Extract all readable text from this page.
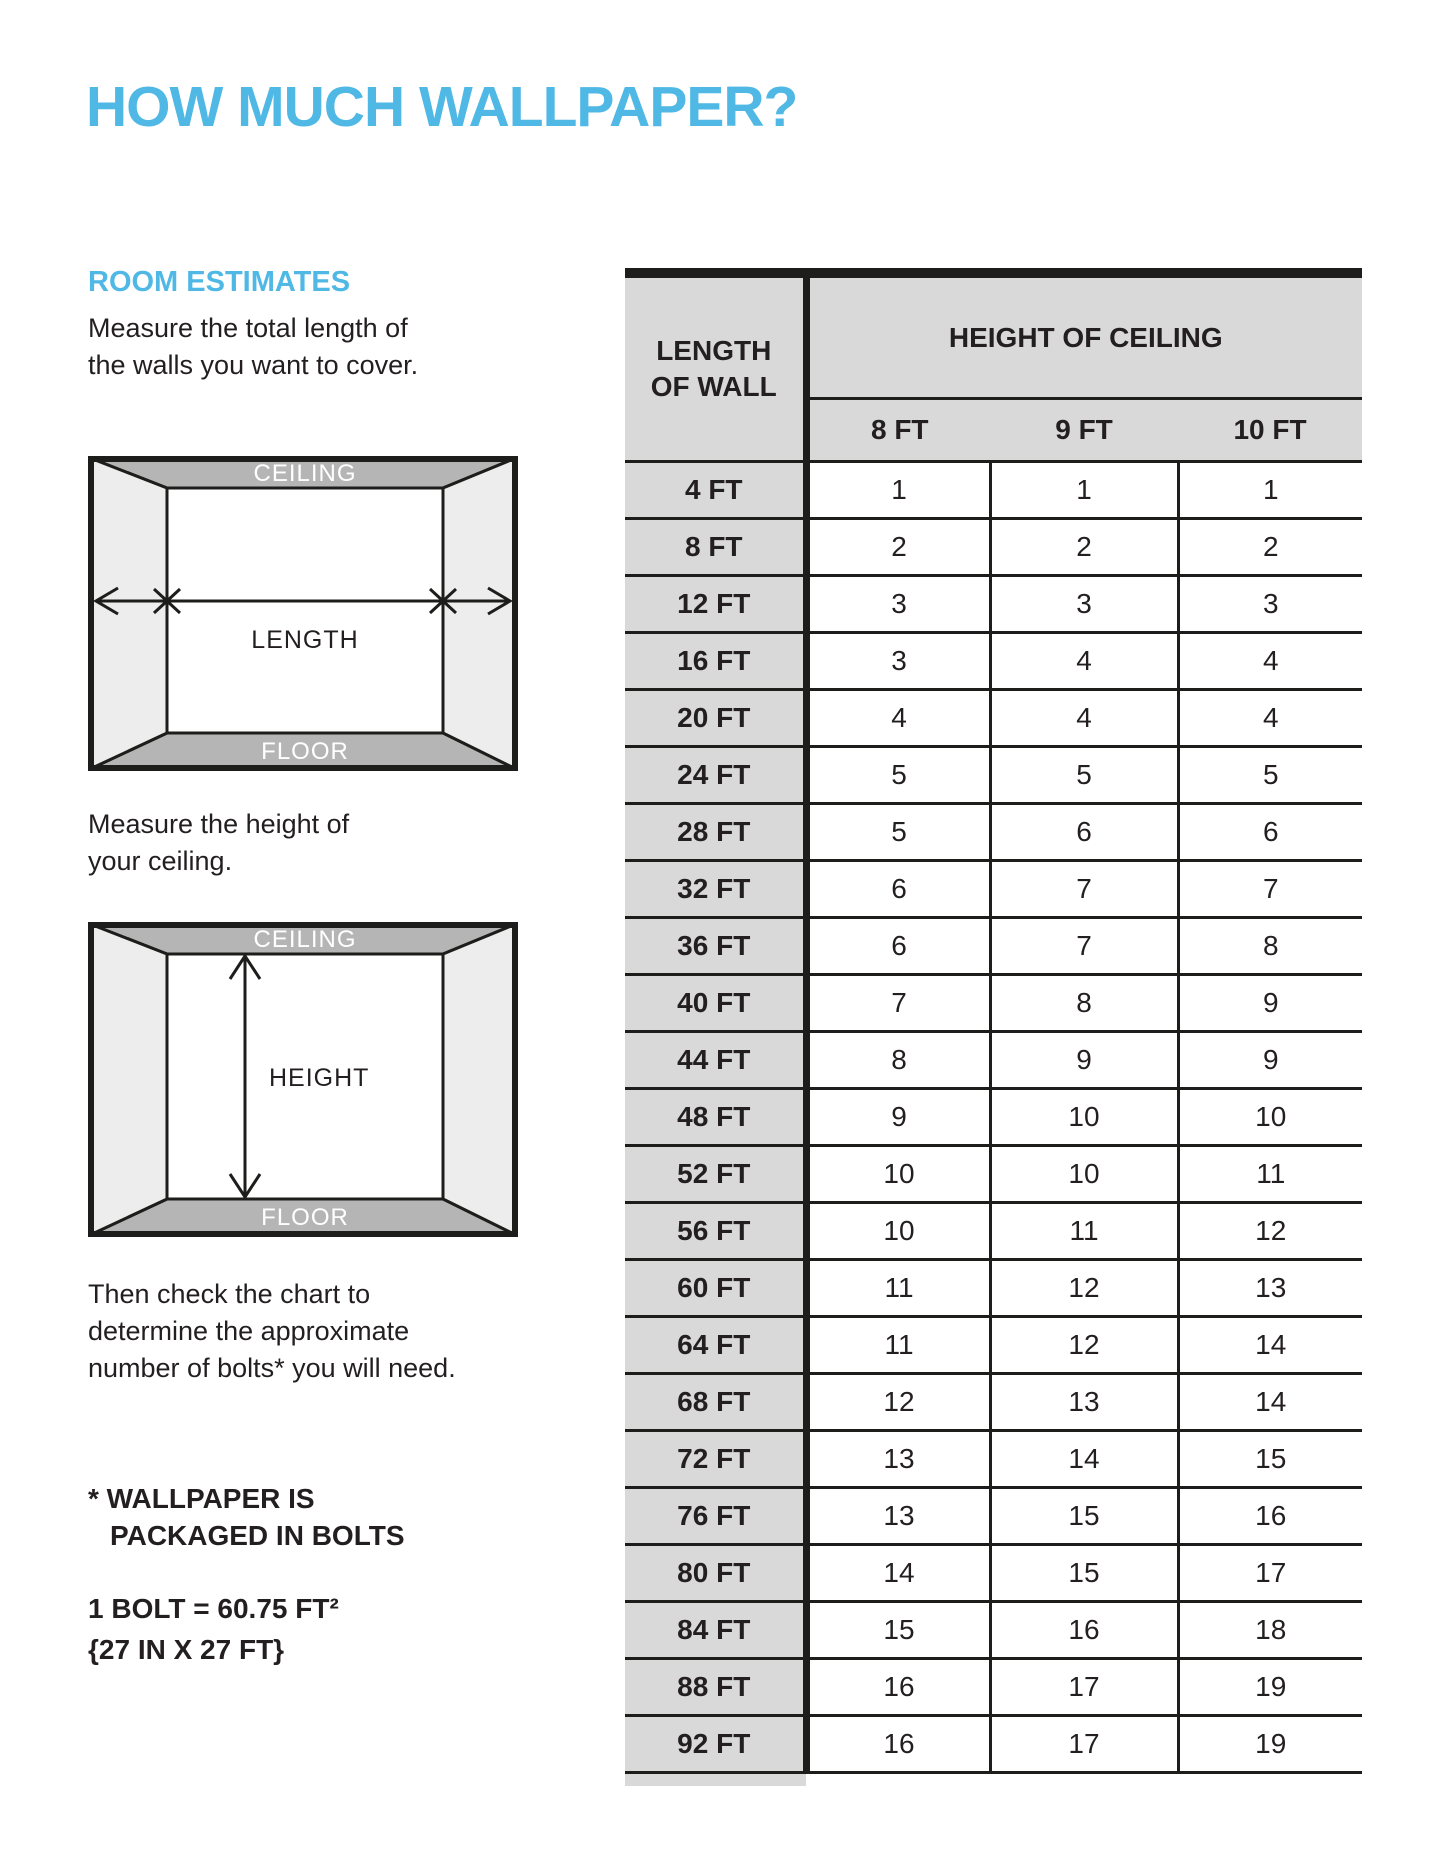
HOW MUCH WALLPAPER?
ROOM ESTIMATES
Measure the total length of
the walls you want to cover.
CEILING
FLOOR
LENGTH
Measure the height of
your ceiling.
CEILING
FLOOR
HEIGHT
Then check the chart to
determine the approximate
number of bolts* you will need.
* WALLPAPER IS
PACKAGED IN BOLTS
1 BOLT = 60.75 FT²
{27 IN X 27 FT}
LENGTH
OF WALL	HEIGHT OF CEILING		
	8 FT	9 FT	10 FT
4 FT	1	1	1
8 FT	2	2	2
12 FT	3	3	3
16 FT	3	4	4
20 FT	4	4	4
24 FT	5	5	5
28 FT	5	6	6
32 FT	6	7	7
36 FT	6	7	8
40 FT	7	8	9
44 FT	8	9	9
48 FT	9	10	10
52 FT	10	10	11
56 FT	10	11	12
60 FT	11	12	13
64 FT	11	12	14
68 FT	12	13	14
72 FT	13	14	15
76 FT	13	15	16
80 FT	14	15	17
84 FT	15	16	18
88 FT	16	17	19
92 FT	16	17	19
